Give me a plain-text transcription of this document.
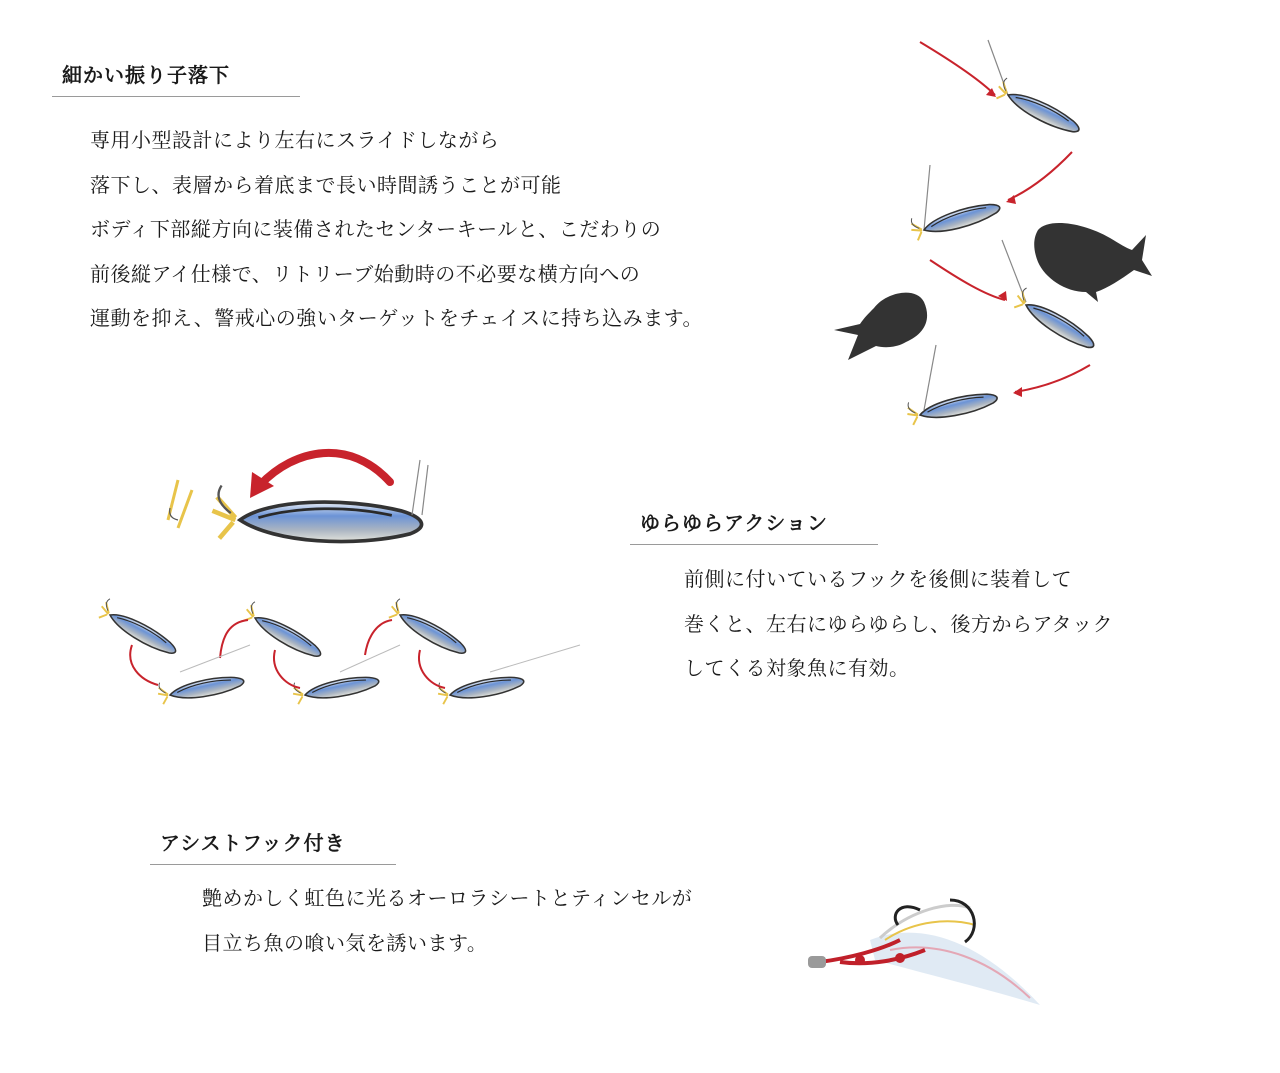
細かい振り子落下
専用小型設計により左右にスライドしながら
落下し、表層から着底まで長い時間誘うことが可能
ボディ下部縦方向に装備されたセンターキールと、こだわりの
前後縦アイ仕様で、リトリーブ始動時の不必要な横方向への
運動を抑え、警戒心の強いターゲットをチェイスに持ち込みます。
ゆらゆらアクション
前側に付いているフックを後側に装着して
巻くと、左右にゆらゆらし、後方からアタック
してくる対象魚に有効。
アシストフック付き
艶めかしく虹色に光るオーロラシートとティンセルが
目立ち魚の喰い気を誘います。
